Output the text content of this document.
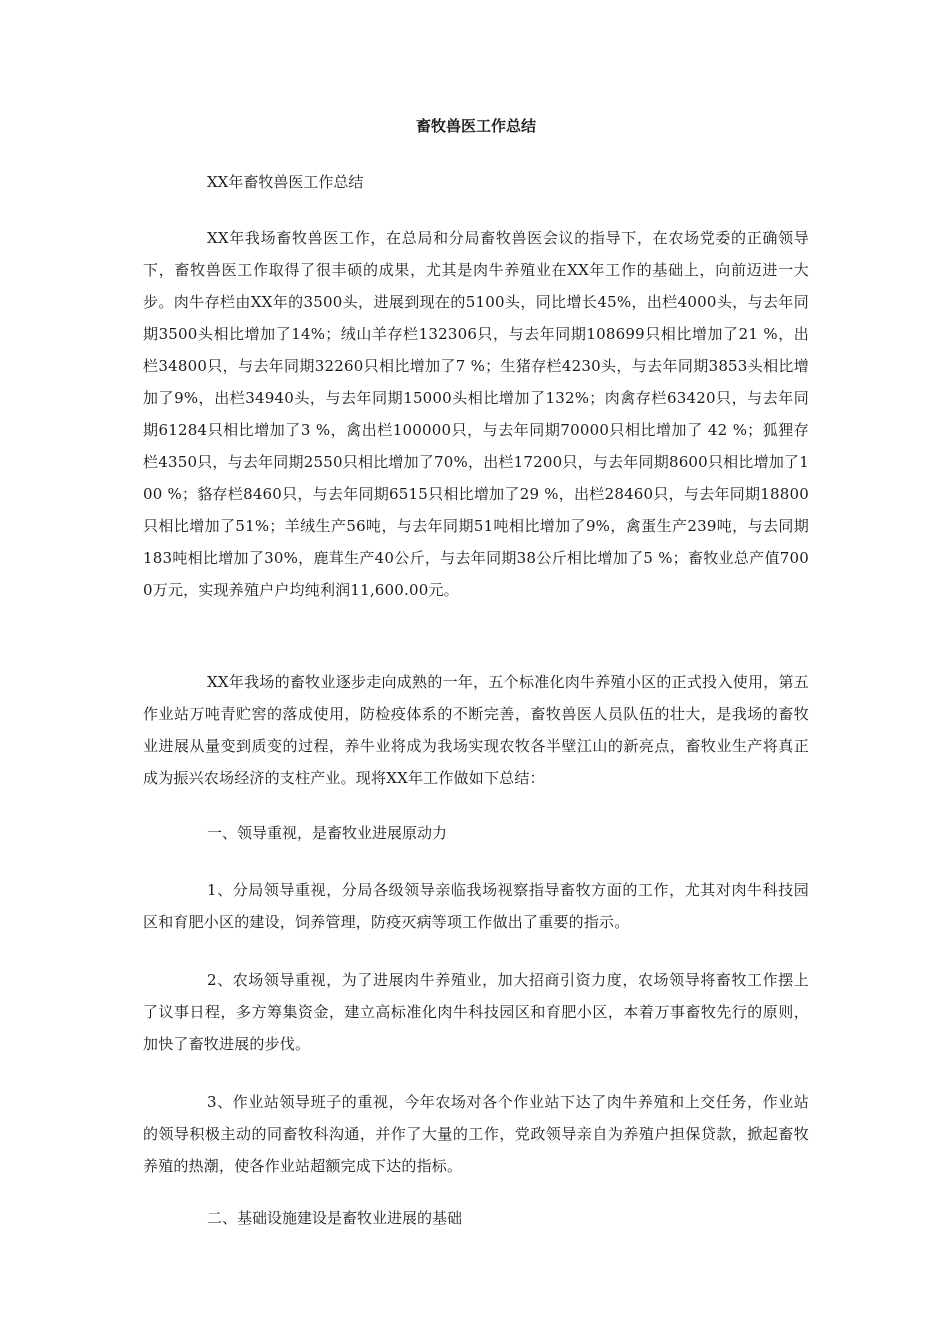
畜牧兽医工作总结

XX年畜牧兽医工作总结

XX年我场畜牧兽医工作，在总局和分局畜牧兽医会议的指导下，在农场党委的正确领导下，畜牧兽医工作取得了很丰硕的成果，尤其是肉牛养殖业在XX年工作的基础上，向前迈进一大步。肉牛存栏由XX年的3500头，进展到现在的5100头，同比增长45%，出栏4000头，与去年同期3500头相比增加了14%；绒山羊存栏132306只，与去年同期108699只相比增加了21 %，出栏34800只，与去年同期32260只相比增加了7 %；生猪存栏4230头，与去年同期3853头相比增加了9%，出栏34940头，与去年同期15000头相比增加了132%；肉禽存栏63420只，与去年同期61284只相比增加了3 %，禽出栏100000只，与去年同期70000只相比增加了 42 %；狐狸存栏4350只，与去年同期2550只相比增加了70%，出栏17200只，与去年同期8600只相比增加了100 %；貉存栏8460只，与去年同期6515只相比增加了29 %，出栏28460只，与去年同期18800只相比增加了51%；羊绒生产56吨，与去年同期51吨相比增加了9%，禽蛋生产239吨，与去同期183吨相比增加了30%，鹿茸生产40公斤，与去年同期38公斤相比增加了5 %；畜牧业总产值7000万元，实现养殖户户均纯利润11,600.00元。

XX年我场的畜牧业逐步走向成熟的一年，五个标准化肉牛养殖小区的正式投入使用，第五作业站万吨青贮窖的落成使用，防检疫体系的不断完善，畜牧兽医人员队伍的壮大，是我场的畜牧业进展从量变到质变的过程，养牛业将成为我场实现农牧各半壁江山的新亮点，畜牧业生产将真正成为振兴农场经济的支柱产业。现将XX年工作做如下总结：

一、领导重视，是畜牧业进展原动力

1、分局领导重视，分局各级领导亲临我场视察指导畜牧方面的工作，尤其对肉牛科技园区和育肥小区的建设，饲养管理，防疫灭病等项工作做出了重要的指示。

2、农场领导重视，为了进展肉牛养殖业，加大招商引资力度，农场领导将畜牧工作摆上了议事日程，多方筹集资金，建立高标准化肉牛科技园区和育肥小区，本着万事畜牧先行的原则，加快了畜牧进展的步伐。

3、作业站领导班子的重视，今年农场对各个作业站下达了肉牛养殖和上交任务，作业站的领导积极主动的同畜牧科沟通，并作了大量的工作，党政领导亲自为养殖户担保贷款，掀起畜牧养殖的热潮，使各作业站超额完成下达的指标。

二、基础设施建设是畜牧业进展的基础
